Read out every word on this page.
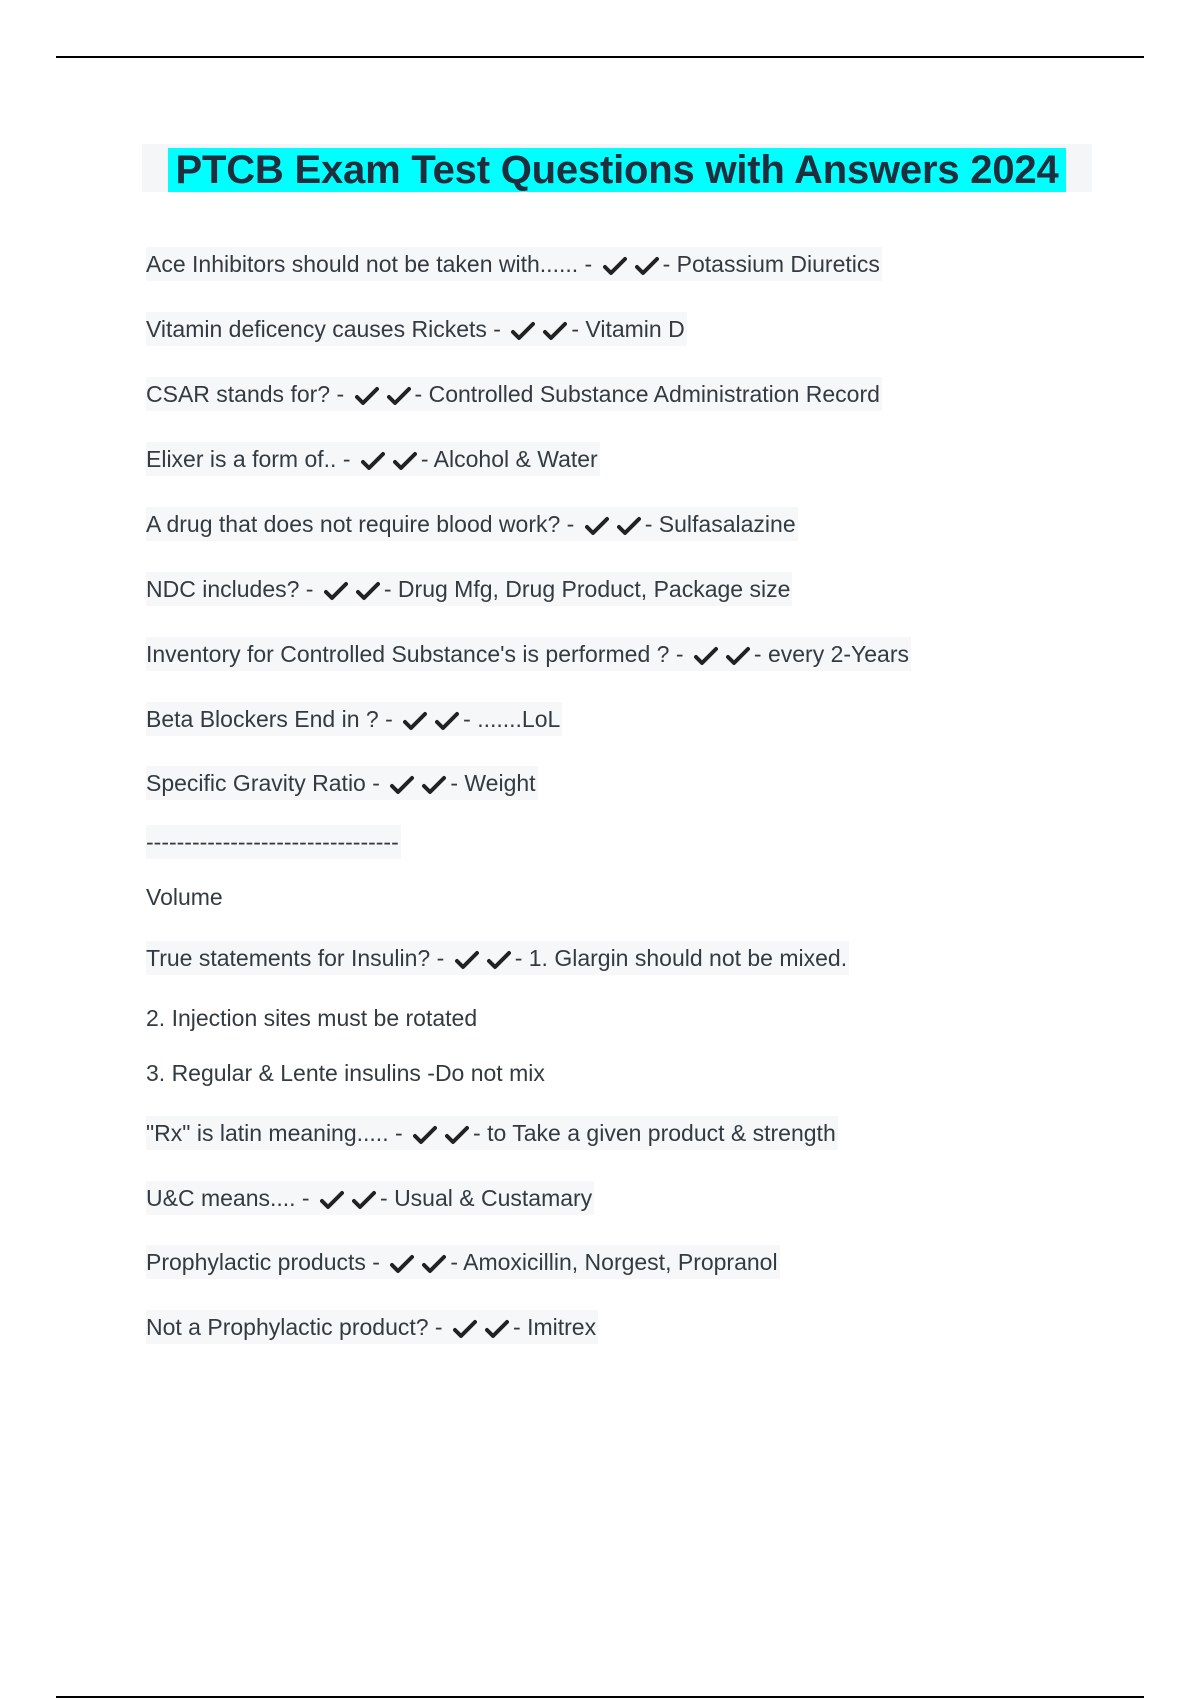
PTCB Exam Test Questions with Answers 2024
Ace Inhibitors should not be taken with...... -	- Potassium Diuretics
Vitamin deficency causes Rickets -	- Vitamin D
CSAR stands for? -	- Controlled Substance Administration Record
Elixer is a form of.. -	- Alcohol & Water
A drug that does not require blood work? -	- Sulfasalazine
NDC includes? -	- Drug Mfg, Drug Product, Package size
Inventory for Controlled Substance's is performed ? -	- every 2-Years
Beta Blockers End in ? -	- .......LoL
Specific Gravity Ratio -	- Weight
---------------------------------
Volume
True statements for Insulin? -	- 1. Glargin should not be mixed.
2. Injection sites must be rotated
3. Regular & Lente insulins -Do not mix
"Rx" is latin meaning..... -	- to Take a given product & strength
U&C means.... -	- Usual & Custamary
Prophylactic products -	- Amoxicillin, Norgest, Propranol
Not a Prophylactic product? -	- Imitrex
